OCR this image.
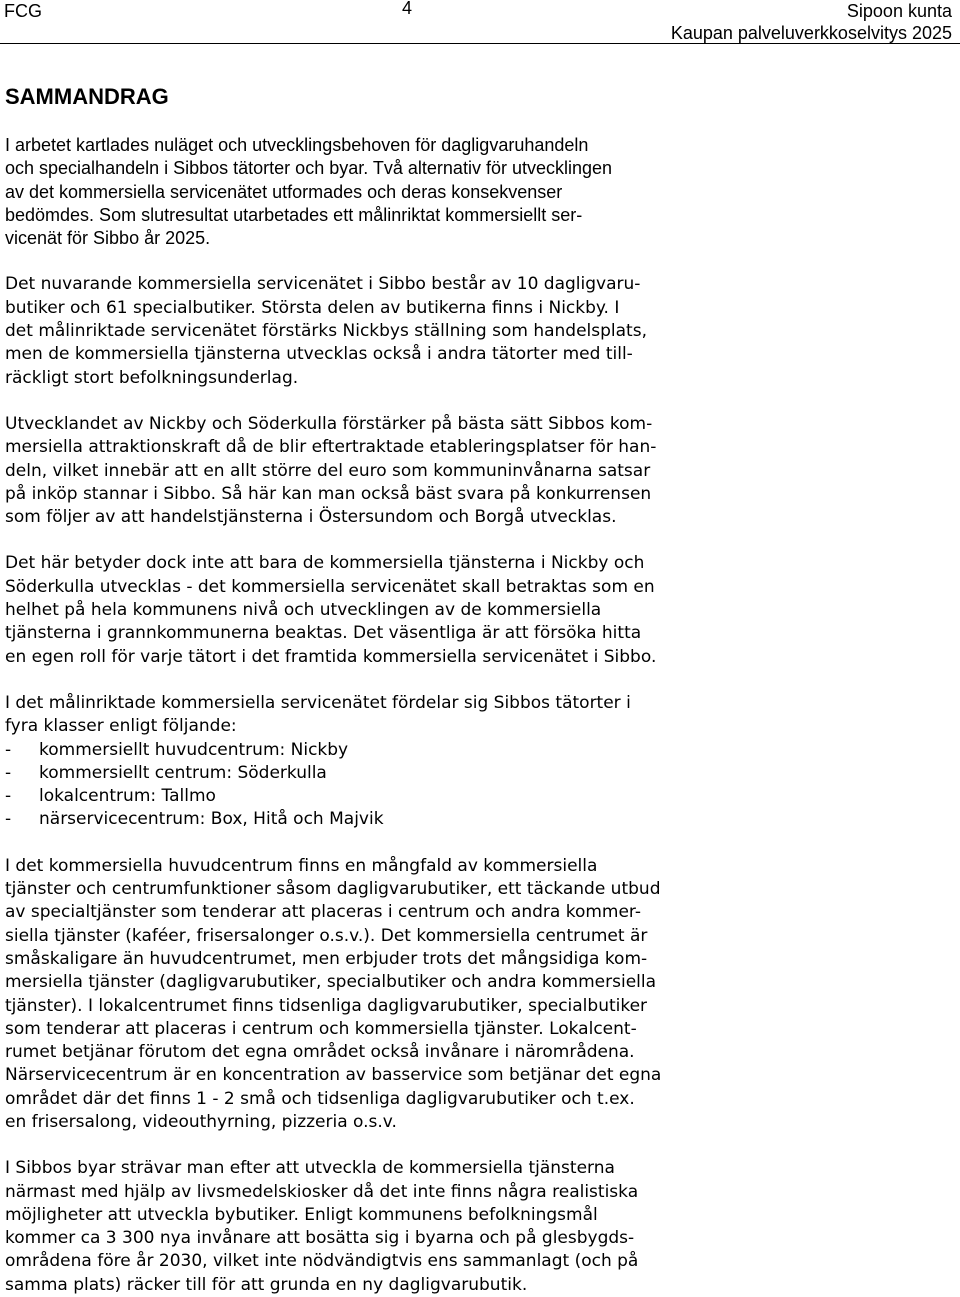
FCG	4	Sipoon kunta
Kaupan palveluverkkoselvitys 2025
SAMMANDRAG
I arbetet kartlades nuläget och utvecklingsbehoven för dagligvaruhandeln
och specialhandeln i Sibbos tätorter och byar. Två alternativ för utvecklingen
av det kommersiella servicenätet utformades och deras konsekvenser
bedömdes. Som slutresultat utarbetades ett målinriktat kommersiellt ser-
vicenät för Sibbo år 2025.
Det nuvarande kommersiella servicenätet i Sibbo består av 10 dagligvaru-
butiker och 61 specialbutiker. Största delen av butikerna finns i Nickby. I
det målinriktade servicenätet förstärks Nickbys ställning som handelsplats,
men de kommersiella tjänsterna utvecklas också i andra tätorter med till-
räckligt stort befolkningsunderlag.
Utvecklandet av Nickby och Söderkulla förstärker på bästa sätt Sibbos kom-
mersiella attraktionskraft då de blir eftertraktade etableringsplatser för han-
deln, vilket innebär att en allt större del euro som kommuninvånarna satsar
på inköp stannar i Sibbo. Så här kan man också bäst svara på konkurrensen
som följer av att handelstjänsterna i Östersundom och Borgå utvecklas.
Det här betyder dock inte att bara de kommersiella tjänsterna i Nickby och
Söderkulla utvecklas - det kommersiella servicenätet skall betraktas som en
helhet på hela kommunens nivå och utvecklingen av de kommersiella
tjänsterna i grannkommunerna beaktas. Det väsentliga är att försöka hitta
en egen roll för varje tätort i det framtida kommersiella servicenätet i Sibbo.
I det målinriktade kommersiella servicenätet fördelar sig Sibbos tätorter i
fyra klasser enligt följande:
-	kommersiellt huvudcentrum: Nickby
-	kommersiellt centrum: Söderkulla
-	lokalcentrum: Tallmo
-	närservicecentrum: Box, Hitå och Majvik
I det kommersiella huvudcentrum finns en mångfald av kommersiella
tjänster och centrumfunktioner såsom dagligvarubutiker, ett täckande utbud
av specialtjänster som tenderar att placeras i centrum och andra kommer-
siella tjänster (kaféer, frisersalonger o.s.v.). Det kommersiella centrumet är
småskaligare än huvudcentrumet, men erbjuder trots det mångsidiga kom-
mersiella tjänster (dagligvarubutiker, specialbutiker och andra kommersiella
tjänster). I lokalcentrumet finns tidsenliga dagligvarubutiker, specialbutiker
som tenderar att placeras i centrum och kommersiella tjänster. Lokalcent-
rumet betjänar förutom det egna området också invånare i närområdena.
Närservicecentrum är en koncentration av basservice som betjänar det egna
området där det finns 1 - 2 små och tidsenliga dagligvarubutiker och t.ex.
en frisersalong, videouthyrning, pizzeria o.s.v.
I Sibbos byar strävar man efter att utveckla de kommersiella tjänsterna
närmast med hjälp av livsmedelskiosker då det inte finns några realistiska
möjligheter att utveckla bybutiker. Enligt kommunens befolkningsmål
kommer ca 3 300 nya invånare att bosätta sig i byarna och på glesbygds-
områdena före år 2030, vilket inte nödvändigtvis ens sammanlagt (och på
samma plats) räcker till för att grunda en ny dagligvarubutik.
